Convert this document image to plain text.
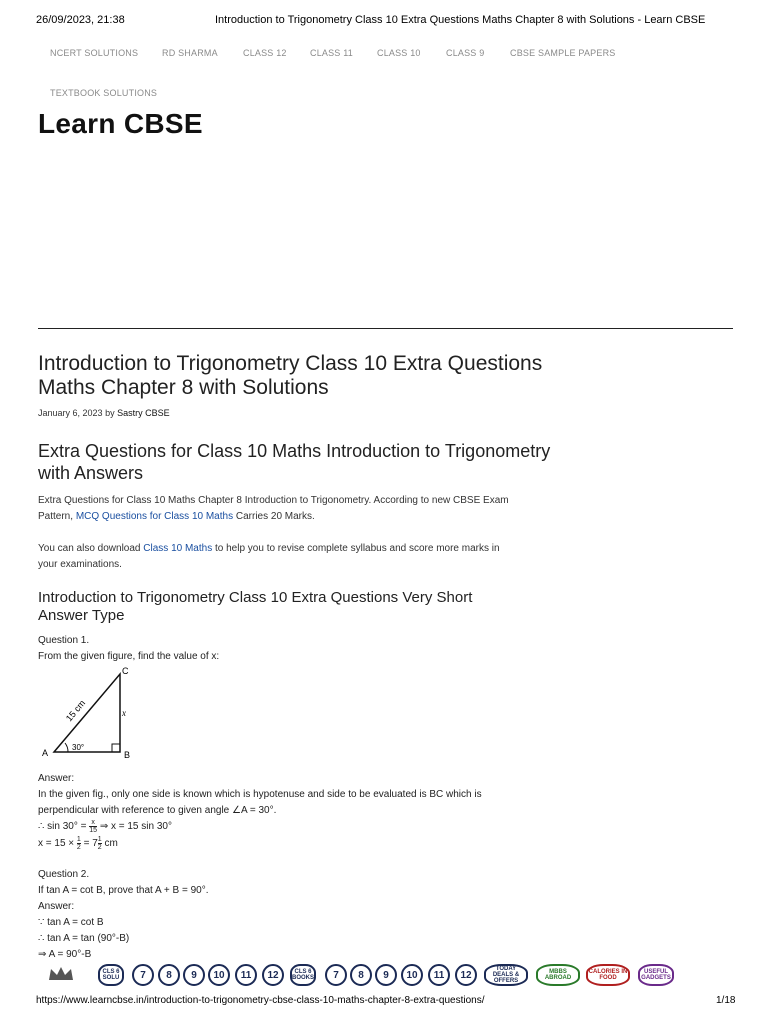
26/09/2023, 21:38	Introduction to Trigonometry Class 10 Extra Questions Maths Chapter 8 with Solutions - Learn CBSE
NCERT SOLUTIONS	RD SHARMA	CLASS 12	CLASS 11	CLASS 10	CLASS 9	CBSE SAMPLE PAPERS
TEXTBOOK SOLUTIONS
Learn CBSE
Introduction to Trigonometry Class 10 Extra Questions Maths Chapter 8 with Solutions
January 6, 2023 by Sastry CBSE
Extra Questions for Class 10 Maths Introduction to Trigonometry with Answers
Extra Questions for Class 10 Maths Chapter 8 Introduction to Trigonometry. According to new CBSE Exam Pattern, MCQ Questions for Class 10 Maths Carries 20 Marks.
You can also download Class 10 Maths to help you to revise complete syllabus and score more marks in your examinations.
Introduction to Trigonometry Class 10 Extra Questions Very Short Answer Type
Question 1.
From the given figure, find the value of x:
A	B
C
30°
x
15 cm
Answer:
In the given fig., only one side is known which is hypotenuse and side to be evaluated is BC which is perpendicular with reference to given angle ∠A = 30°.
∴ $\sin 30^\circ = \frac{x}{15}$ ⇒ x = 15 sin 30°
$x = 15 \times \frac{1}{2} = 7 \frac{1}{2}$ cm
Question 2.
If tan A = cot B, prove that A + B = 90°.
Answer:
∵ tan A = cot B
∴ tan A = tan (90°-B)
⇒ A = 90°-B
CLS 6 SOLU	7	8	9	10	11	12	CLS 6 BOOKS	7	8	9	10	11	12
TODAY DEALS & OFFERS
MBBS ABROAD
CALORIES IN FOOD
USEFUL GADGETS
https://www.learncbse.in/introduction-to-trigonometry-cbse-class-10-maths-chapter-8-extra-questions/	1/18
